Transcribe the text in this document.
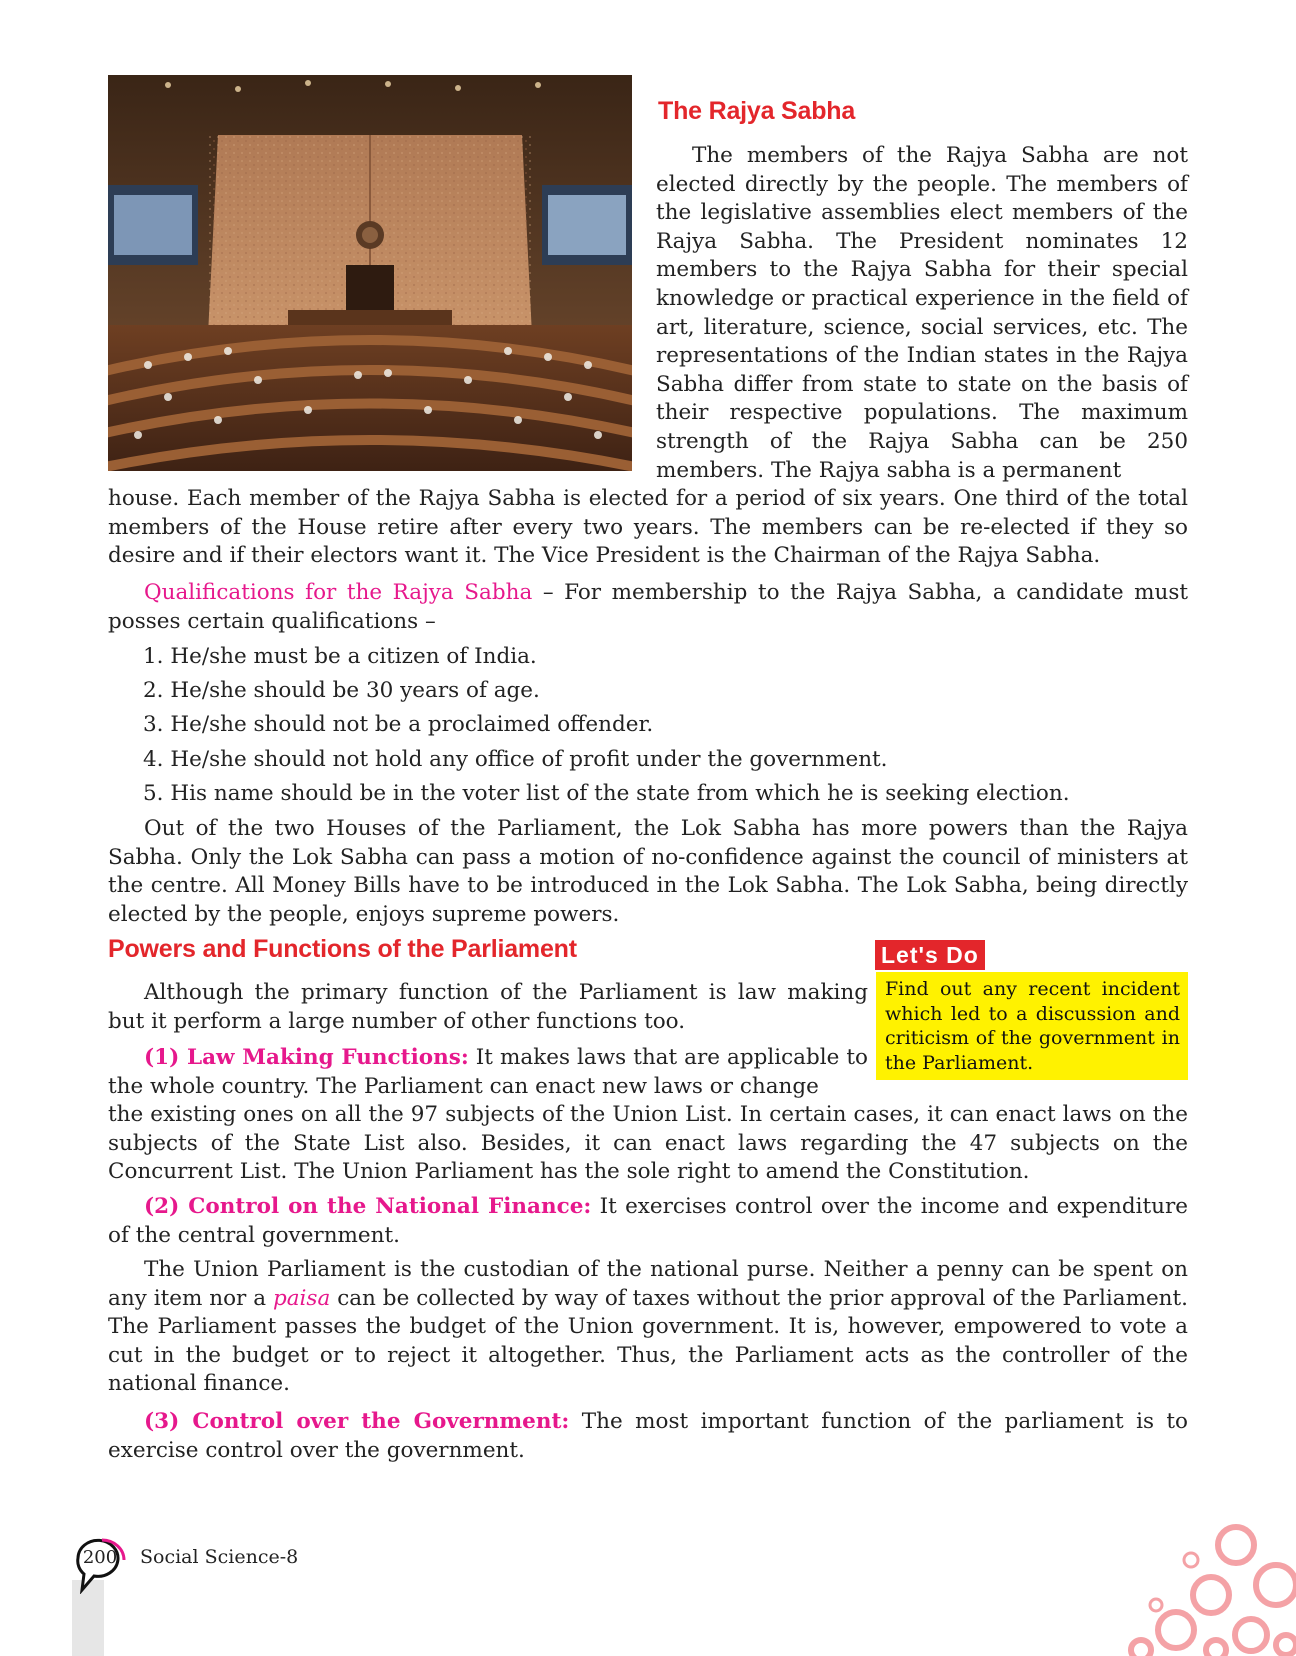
The Rajya Sabha

The members of the Rajya Sabha are not elected directly by the people. The members of the legislative assemblies elect members of the Rajya Sabha. The President nominates 12 members to the Rajya Sabha for their special knowledge or practical experience in the field of art, literature, science, social services, etc. The representations of the Indian states in the Rajya Sabha differ from state to state on the basis of their respective populations. The maximum strength of the Rajya Sabha can be 250 members. The Rajya sabha is a permanent

house. Each member of the Rajya Sabha is elected for a period of six years. One third of the total members of the House retire after every two years. The members can be re-elected if they so desire and if their electors want it. The Vice President is the Chairman of the Rajya Sabha.

Qualifications for the Rajya Sabha – For membership to the Rajya Sabha, a candidate must posses certain qualifications –

1. He/she must be a citizen of India.
2. He/she should be 30 years of age.
3. He/she should not be a proclaimed offender.
4. He/she should not hold any office of profit under the government.
5. His name should be in the voter list of the state from which he is seeking election.

Out of the two Houses of the Parliament, the Lok Sabha has more powers than the Rajya Sabha. Only the Lok Sabha can pass a motion of no-confidence against the council of ministers at the centre. All Money Bills have to be introduced in the Lok Sabha. The Lok Sabha, being directly elected by the people, enjoys supreme powers.

Powers and Functions of the Parliament	Let's Do
Find out any recent incident which led to a discussion and criticism of the government in the Parliament.

Although the primary function of the Parliament is law making but it perform a large number of other functions too.

(1) Law Making Functions: It makes laws that are applicable to the whole country. The Parliament can enact new laws or change

the existing ones on all the 97 subjects of the Union List. In certain cases, it can enact laws on the subjects of the State List also. Besides, it can enact laws regarding the 47 subjects on the Concurrent List. The Union Parliament has the sole right to amend the Constitution.

(2) Control on the National Finance: It exercises control over the income and expenditure of the central government.

The Union Parliament is the custodian of the national purse. Neither a penny can be spent on any item nor a paisa can be collected by way of taxes without the prior approval of the Parliament. The Parliament passes the budget of the Union government. It is, however, empowered to vote a cut in the budget or to reject it altogether. Thus, the Parliament acts as the controller of the national finance.

(3) Control over the Government: The most important function of the parliament is to exercise control over the government.

200	Social Science-8
